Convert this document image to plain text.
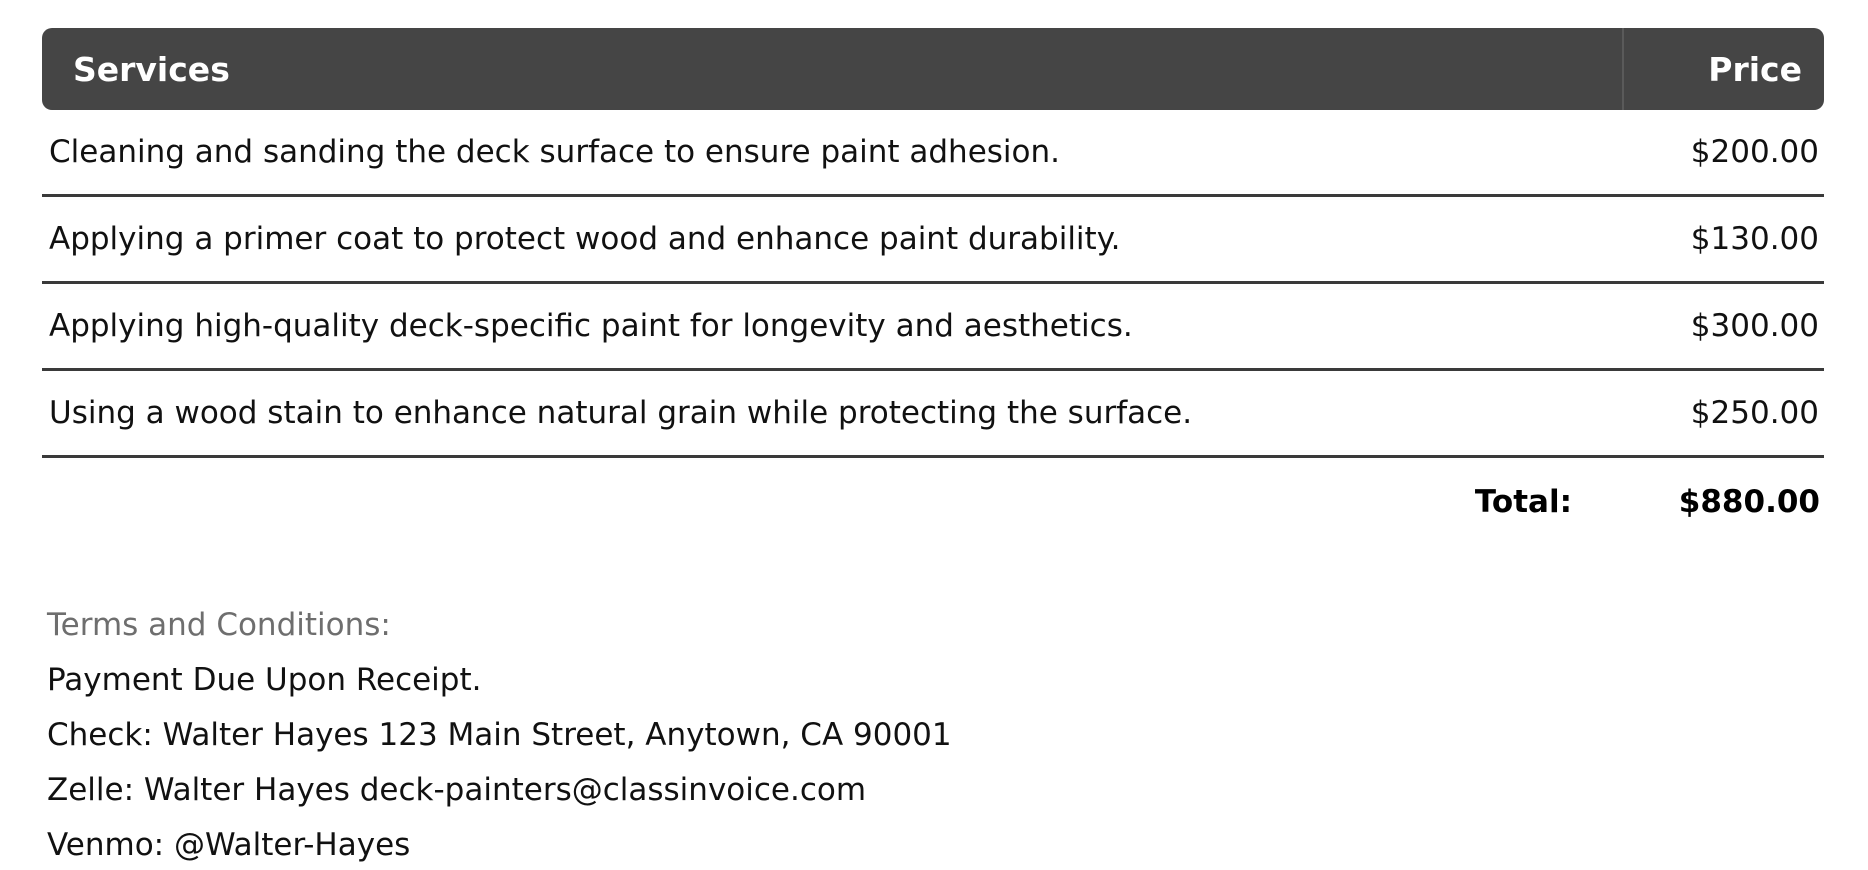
Services	Price
Cleaning and sanding the deck surface to ensure paint adhesion.	$200.00
Applying a primer coat to protect wood and enhance paint durability.	$130.00
Applying high-quality deck-specific paint for longevity and aesthetics.	$300.00
Using a wood stain to enhance natural grain while protecting the surface.	$250.00
Total:	$880.00

Terms and Conditions:

Payment Due Upon Receipt.

Check: Walter Hayes 123 Main Street, Anytown, CA 90001

Zelle: Walter Hayes deck-painters@classinvoice.com

Venmo: @Walter-Hayes
